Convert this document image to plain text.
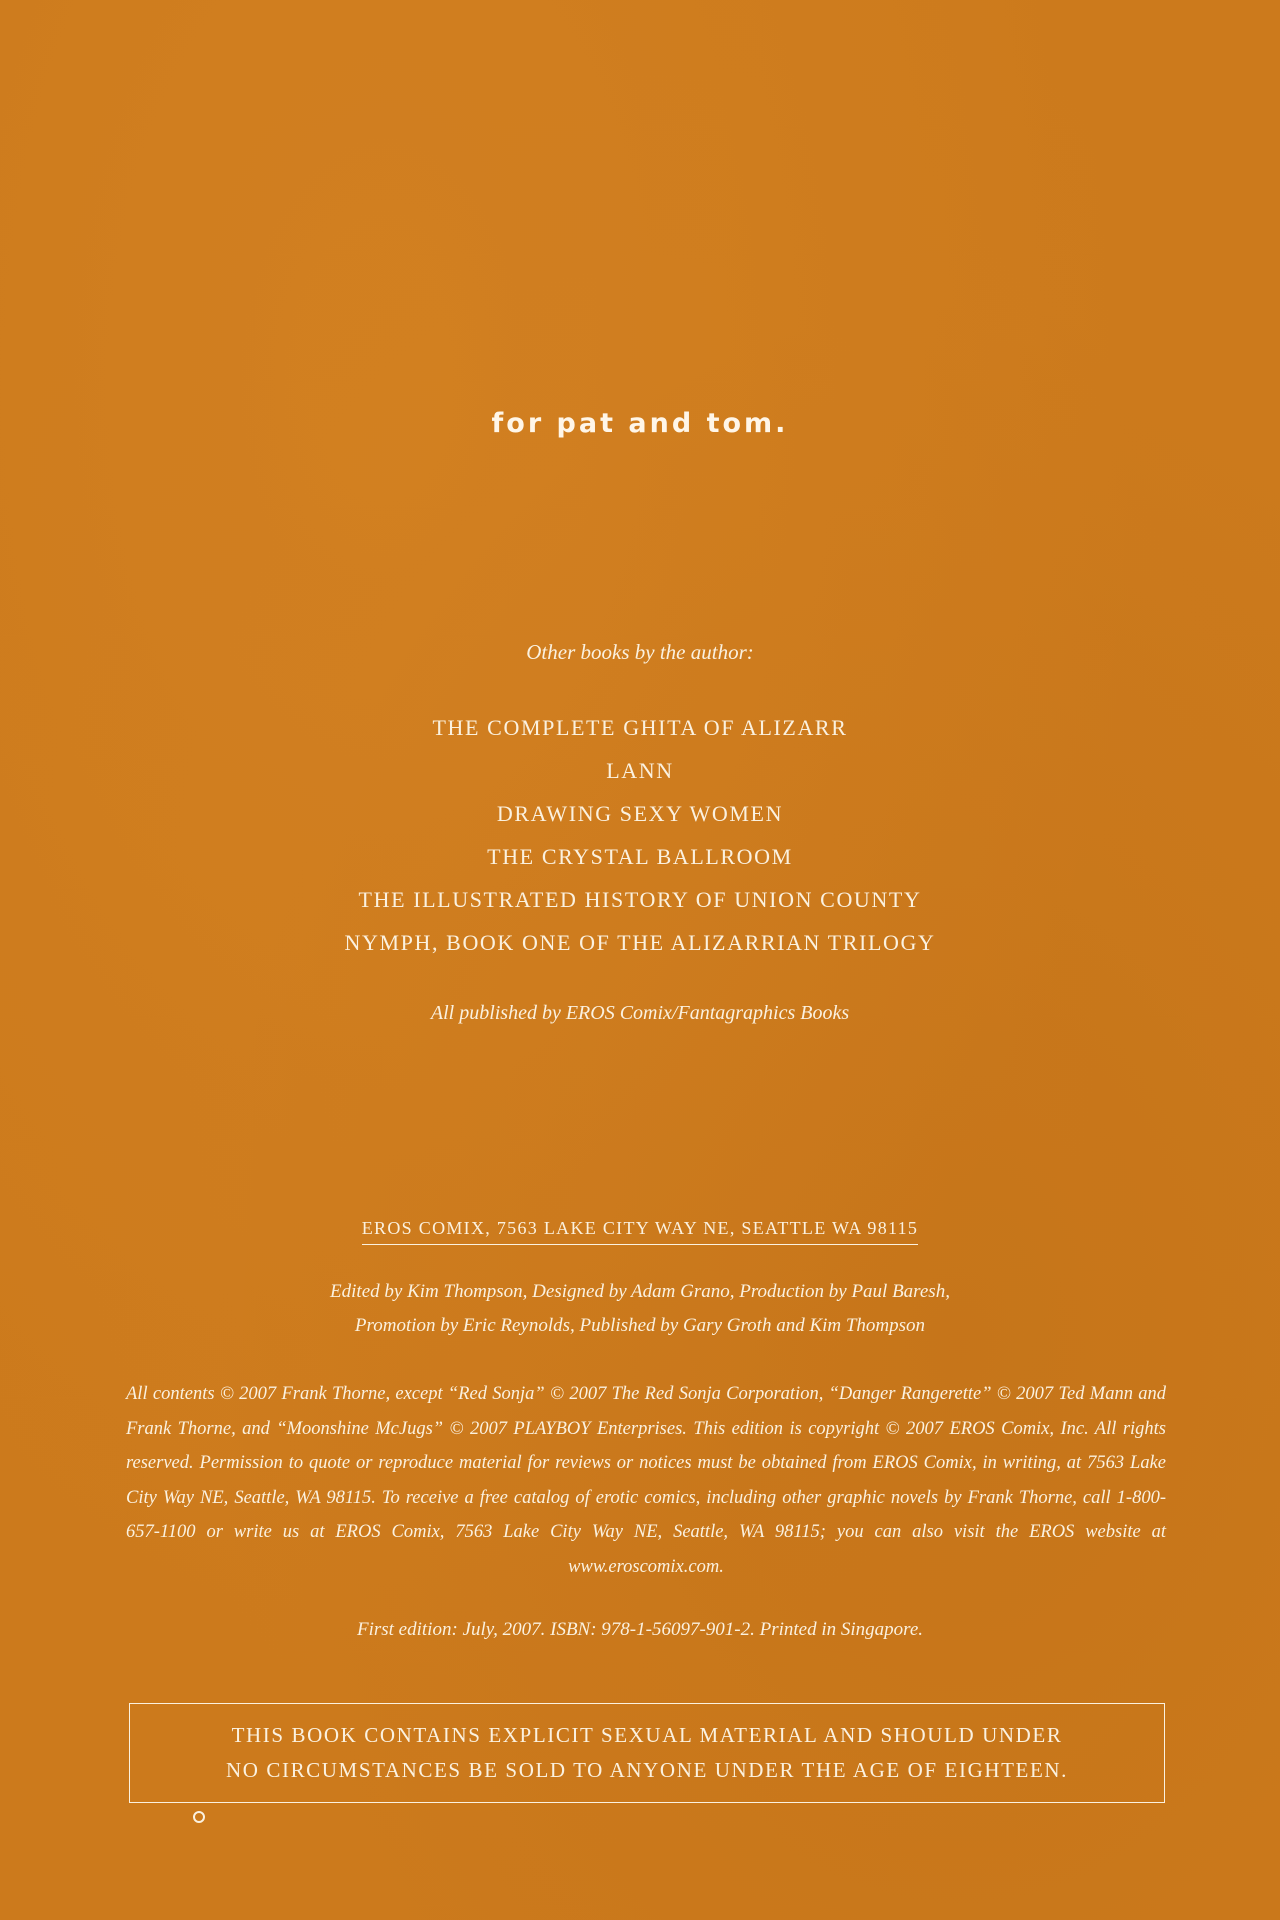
for pat and tom.
Other books by the author:
THE COMPLETE GHITA OF ALIZARR
LANN
DRAWING SEXY WOMEN
THE CRYSTAL BALLROOM
THE ILLUSTRATED HISTORY OF UNION COUNTY
NYMPH, BOOK ONE OF THE ALIZARRIAN TRILOGY
All published by EROS Comix/Fantagraphics Books
EROS COMIX, 7563 LAKE CITY WAY NE, SEATTLE WA 98115
Edited by Kim Thompson, Designed by Adam Grano, Production by Paul Baresh,
Promotion by Eric Reynolds, Published by Gary Groth and Kim Thompson
All contents © 2007 Frank Thorne, except “Red Sonja” © 2007 The Red Sonja Corporation, “Danger Rangerette” © 2007 Ted Mann and Frank Thorne, and “Moonshine McJugs” © 2007 PLAYBOY Enterprises. This edition is copyright © 2007 EROS Comix, Inc. All rights reserved. Permission to quote or reproduce material for reviews or notices must be obtained from EROS Comix, in writing, at 7563 Lake City Way NE, Seattle, WA 98115. To receive a free catalog of erotic comics, including other graphic novels by Frank Thorne, call 1-800-657-1100 or write us at EROS Comix, 7563 Lake City Way NE, Seattle, WA 98115; you can also visit the EROS website at www.eroscomix.com.
First edition: July, 2007. ISBN: 978-1-56097-901-2. Printed in Singapore.
THIS BOOK CONTAINS EXPLICIT SEXUAL MATERIAL AND SHOULD UNDER
NO CIRCUMSTANCES BE SOLD TO ANYONE UNDER THE AGE OF EIGHTEEN.
